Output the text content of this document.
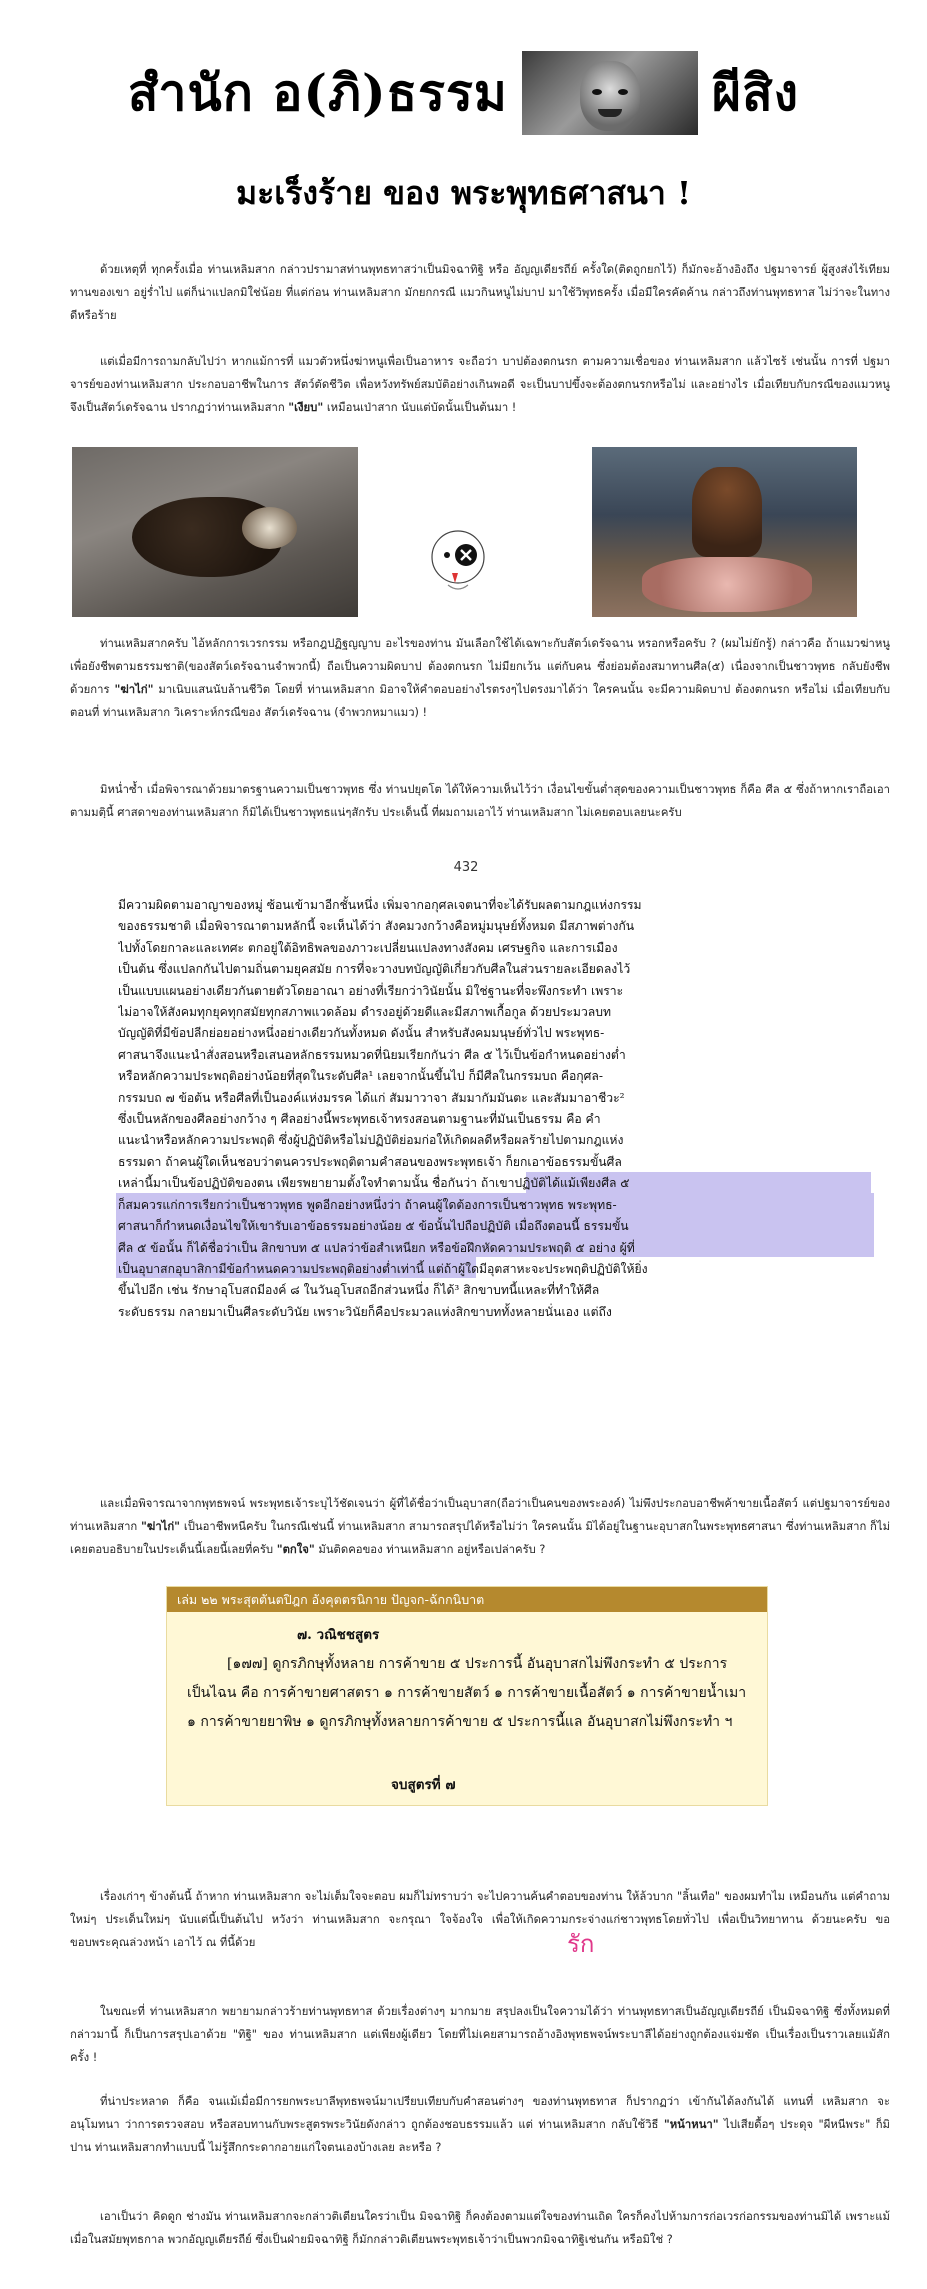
สำนัก อ(ภิ)ธรรม	ผีสิง
มะเร็งร้าย ของ พระพุทธศาสนา !
ด้วยเหตุที่ ทุกครั้งเมื่อ ท่านเหลิมสาก กล่าวปรามาสท่านพุทธทาสว่าเป็นมิจฉาทิฐิ หรือ อัญญเดียรถีย์ ครั้งใด(ติดถูกยกไว้) ก็มักจะอ้างอิงถึง ปฐมาจารย์ ผู้สูงส่งไร้เทียมทานของเขา อยู่ร่ำไป แต่ก็น่าแปลกมิใช่น้อย ที่แต่ก่อน ท่านเหลิมสาก มักยกกรณี แมวกินหนูไม่บาป มาใช้วิพุทธครั้ง เมื่อมีใครคัดค้าน กล่าวถึงท่านพุทธทาส ไม่ว่าจะในทางดีหรือร้าย
แต่เมื่อมีการถามกลับไปว่า หากแม้การที่ แมวตัวหนึ่งฆ่าหนูเพื่อเป็นอาหาร จะถือว่า บาปต้องตกนรก ตามความเชื่อของ ท่านเหลิมสาก แล้วไซร้ เช่นนั้น การที่ ปฐมาจารย์ของท่านเหลิมสาก ประกอบอาชีพในการ สัตว์ตัดชีวิต เพื่อหวังทรัพย์สมบัติอย่างเกินพอดี จะเป็นบาปขึ้งจะต้องตกนรกหรือไม่ และอย่างไร เมื่อเทียบกับกรณีของแมวหนู จึงเป็นสัตว์เดรัจฉาน ปรากฏว่าท่านเหลิมสาก "เงียบ" เหมือนเป่าสาก นับแต่บัดนั้นเป็นต้นมา !
ท่านเหลิมสากครับ ไอ้หลักการเวรกรรม หรือกฎปฏิฐญญาบ อะไรของท่าน มันเลือกใช้ได้เฉพาะกับสัตว์เดรัจฉาน หรอกหรือครับ ? (ผมไม่ยักรู้) กล่าวคือ ถ้าแมวฆ่าหนูเพื่อยังชีพตามธรรมชาติ(ของสัตว์เดรัจฉานจำพวกนี้) ถือเป็นความผิดบาป ต้องตกนรก ไม่มียกเว้น แต่กับคน ซึ่งย่อมต้องสมาทานศีล(๕) เนื่องจากเป็นชาวพุทธ กลับยังชีพด้วยการ "ฆ่าไก่" มาเนิบแสนนับล้านชีวิต โดยที่ ท่านเหลิมสาก มิอาจให้คำตอบอย่างไรตรงๆไปตรงมาได้ว่า ใครคนนั้น จะมีความผิดบาป ต้องตกนรก หรือไม่ เมื่อเทียบกับ ตอนที่ ท่านเหลิมสาก วิเคราะห์กรณีของ สัตว์เดรัจฉาน (จำพวกหมาแมว) !
มิหน่ำซ้ำ เมื่อพิจารณาด้วยมาตรฐานความเป็นชาวพุทธ ซึ่ง ท่านปยุตโต ได้ให้ความเห็นไว้ว่า เงื่อนไขขั้นต่ำสุดของความเป็นชาวพุทธ ก็คือ ศีล ๕ ซึ่งถ้าหากเราถือเอาตามมติฺนี้ ศาสดาของท่านเหลิมสาก ก็มิได้เป็นชาวพุทธแน่ๆสักรับ ประเด็นนี้ ที่ผมถามเอาไว้ ท่านเหลิมสาก ไม่เคยตอบเลยนะครับ
432
มีความผิดตามอาญาของหมู่ ซ้อนเข้ามาอีกชั้นหนึ่ง เพิ่มจากอกุศลเจตนาที่จะได้รับผลตามกฎแห่งกรรม
ของธรรมชาติ เมื่อพิจารณาตามหลักนี้ จะเห็นได้ว่า สังคมวงกว้างคือหมู่มนุษย์ทั้งหมด มีสภาพต่างกัน
ไปทั้งโดยกาละและเทศะ ตกอยู่ใต้อิทธิพลของภาวะเปลี่ยนแปลงทางสังคม เศรษฐกิจ และการเมือง
เป็นต้น ซึ่งแปลกกันไปตามถิ่นตามยุคสมัย การที่จะวางบทบัญญัติเกี่ยวกับศีลในส่วนรายละเอียดลงไว้
เป็นแบบแผนอย่างเดียวกันตายตัวโดยอาณา อย่างที่เรียกว่าวินัยนั้น มิใช่ฐานะที่จะพึงกระทำ เพราะ
ไม่อาจให้สังคมทุกยุคทุกสมัยทุกสภาพแวดล้อม ดำรงอยู่ด้วยดีและมีสภาพเกื้อกูล ด้วยประมวลบท
บัญญัติที่มีข้อปลีกย่อยอย่างหนึ่งอย่างเดียวกันทั้งหมด ดังนั้น สำหรับสังคมมนุษย์ทั่วไป พระพุทธ-
ศาสนาจึงแนะนำสั่งสอนหรือเสนอหลักธรรมหมวดที่นิยมเรียกกันว่า ศีล ๕ ไว้เป็นข้อกำหนดอย่างต่ำ
หรือหลักความประพฤติอย่างน้อยที่สุดในระดับศีล¹ เลยจากนั้นขึ้นไป ก็มีศีลในกรรมบถ คือกุศล-
กรรมบถ ๗ ข้อต้น หรือศีลที่เป็นองค์แห่งมรรค ได้แก่ สัมมาวาจา สัมมากัมมันตะ และสัมมาอาชีวะ²
ซึ่งเป็นหลักของศีลอย่างกว้าง ๆ ศีลอย่างนี้พระพุทธเจ้าทรงสอนตามฐานะที่มันเป็นธรรม คือ คำ
แนะนำหรือหลักความประพฤติ ซึ่งผู้ปฏิบัติหรือไม่ปฏิบัติย่อมก่อให้เกิดผลดีหรือผลร้ายไปตามกฎแห่ง
ธรรมดา ถ้าคนผู้ใดเห็นชอบว่าตนควรประพฤติตามคำสอนของพระพุทธเจ้า ก็ยกเอาข้อธรรมขั้นศีล
เหล่านี้มาเป็นข้อปฏิบัติของตน เพียรพยายามตั้งใจทำตามนั้น ชื่อกันว่า ถ้าเขาปฏิบัติได้แม้เพียงศีล ๕
ก็สมควรแก่การเรียกว่าเป็นชาวพุทธ พูดอีกอย่างหนึ่งว่า ถ้าคนผู้ใดต้องการเป็นชาวพุทธ พระพุทธ-
ศาสนาก็กำหนดเงื่อนไขให้เขารับเอาข้อธรรมอย่างน้อย ๕ ข้อนั้นไปถือปฏิบัติ เมื่อถึงตอนนี้ ธรรมขั้น
ศีล ๕ ข้อนั้น ก็ได้ชื่อว่าเป็น สิกขาบท ๕ แปลว่าข้อสำเหนียก หรือข้อฝึกหัดความประพฤติ ๕ อย่าง ผู้ที่
เป็นอุบาสกอุบาสิกามีข้อกำหนดความประพฤติอย่างต่ำเท่านี้ แต่ถ้าผู้ใดมีอุตสาหะจะประพฤติปฏิบัติให้ยิ่ง
ขึ้นไปอีก เช่น รักษาอุโบสถมีองค์ ๘ ในวันอุโบสถอีกส่วนหนึ่ง ก็ได้³ สิกขาบทนี้แหละที่ทำให้ศีล
ระดับธรรม กลายมาเป็นศีลระดับวินัย เพราะวินัยก็คือประมวลแห่งสิกขาบททั้งหลายนั่นเอง แต่ถึง
และเมื่อพิจารณาจากพุทธพจน์ พระพุทธเจ้าระบุไว้ชัดเจนว่า ผู้ที่ได้ชื่อว่าเป็นอุบาสก(ถือว่าเป็นคนของพระองค์) ไม่พึงประกอบอาชีพค้าขายเนื้อสัตว์ แต่ปฐมาจารย์ของท่านเหลิมสาก "ฆ่าไก่" เป็นอาชีพหนีครับ ในกรณีเช่นนี้ ท่านเหลิมสาก สามารถสรุปได้หรือไม่ว่า ใครคนนั้น มิได้อยู่ในฐานะอุบาสกในพระพุทธศาสนา ซึ่งท่านเหลิมสาก ก็ไม่เคยตอบอธิบายในประเด็นนี้เลยนี้เลยที่ครับ "ตกใจ" มันติดคอของ ท่านเหลิมสาก อยู่หรือเปล่าครับ ?
เล่ม ๒๒ พระสุตตันตปิฎก อังคุตตรนิกาย ปัญจก-ฉักกนิบาต
๗. วณิชชสูตร
[๑๗๗] ดูกรภิกษุทั้งหลาย การค้าขาย ๕ ประการนี้ อันอุบาสกไม่พึงกระทำ ๕ ประการเป็นไฉน คือ การค้าขายศาสตรา ๑ การค้าขายสัตว์ ๑ การค้าขายเนื้อสัตว์ ๑ การค้าขายน้ำเมา ๑ การค้าขายยาพิษ ๑ ดูกรภิกษุทั้งหลายการค้าขาย ๕ ประการนี้แล อันอุบาสกไม่พึงกระทำ ฯ
จบสูตรที่ ๗
เรื่องเก่าๆ ข้างต้นนี้ ถ้าหาก ท่านเหลิมสาก จะไม่เต็มใจจะตอบ ผมก็ไม่ทราบว่า จะไปควานค้นคำตอบของท่าน ให้ล้วบาก "ลิ้นเทือ" ของผมทำไม เหมือนกัน แต่คำถามใหม่ๆ ประเด็นใหม่ๆ นับแต่นี้เป็นต้นไป หวังว่า ท่านเหลิมสาก จะกรุณา ใจจ้องใจ เพื่อให้เกิดความกระจ่างแก่ชาวพุทธโดยทั่วไป เพื่อเป็นวิทยาทาน ด้วยนะครับ ขอขอบพระคุณล่วงหน้า เอาไว้ ณ ที่นี้ด้วย	รัก
ในขณะที่ ท่านเหลิมสาก พยายามกล่าวร้ายท่านพุทธทาส ด้วยเรื่องต่างๆ มากมาย สรุปลงเป็นใจความได้ว่า ท่านพุทธทาสเป็นอัญญเดียรถีย์ เป็นมิจฉาทิฐิ ซึ่งทั้งหมดที่กล่าวมานี้ ก็เป็นการสรุปเอาด้วย "ทิฐิ" ของ ท่านเหลิมสาก แต่เพียงผู้เดียว โดยที่ไม่เคยสามารถอ้างอิงพุทธพจน์พระบาลีได้อย่างถูกต้องแจ่มชัด เป็นเรื่องเป็นราวเลยแม้สักครั้ง !
ที่น่าประหลาด ก็คือ จนแม้เมื่อมีการยกพระบาลีพุทธพจน์มาเปรียบเทียบกับคำสอนต่างๆ ของท่านพุทธทาส ก็ปรากฏว่า เข้ากันได้ลงกันได้ แทนที่ เหลิมสาก จะอนุโมทนา ว่าการตรวจสอบ หรือสอบทานกับพระสูตรพระวินัยดังกล่าว ถูกต้องชอบธรรมแล้ว แต่ ท่านเหลิมสาก กลับใช้วิธี "หน้าหนา" ไปเสียดื้อๆ ประดุจ "ผีหนีพระ" ก็มิปาน ท่านเหลิมสากทำแบบนี้ ไม่รู้สึกกระดากอายแก่ใจตนเองบ้างเลย ละหรือ ?
เอาเป็นว่า คิดดูก ช่างมัน ท่านเหลิมสากจะกล่าวติเตียนใครว่าเป็น มิจฉาทิฐิ ก็คงต้องตามแต่ใจของท่านเถิด ใครก็คงไปห้ามการก่อเวรก่อกรรมของท่านมิได้ เพราะแม้เมื่อในสมัยพุทธกาล พวกอัญญเดียรถีย์ ซึ่งเป็นฝ่ายมิจฉาทิฐิ ก็มักกล่าวติเตียนพระพุทธเจ้าว่าเป็นพวกมิจฉาทิฐิเช่นกัน หรือมิใช่ ?
